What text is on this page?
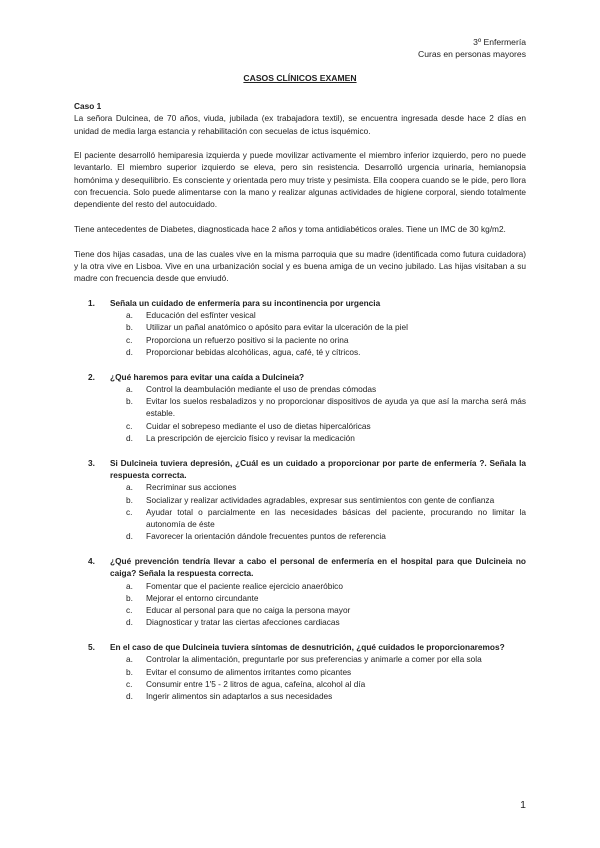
3º Enfermería
Curas en personas mayores
CASOS CLÍNICOS EXAMEN

Caso 1

La señora Dulcinea, de 70 años, viuda, jubilada (ex trabajadora textil), se encuentra ingresada desde hace 2 días en unidad de media larga estancia y rehabilitación con secuelas de ictus isquémico.

El paciente desarrolló hemiparesia izquierda y puede movilizar activamente el miembro inferior izquierdo, pero no puede levantarlo. El miembro superior izquierdo se eleva, pero sin resistencia. Desarrolló urgencia urinaria, hemianopsia homónima y desequilibrio. Es consciente y orientada pero muy triste y pesimista. Ella coopera cuando se le pide, pero llora con frecuencia. Solo puede alimentarse con la mano y realizar algunas actividades de higiene corporal, siendo totalmente dependiente del resto del autocuidado.

Tiene antecedentes de Diabetes, diagnosticada hace 2 años y toma antidiabéticos orales. Tiene un IMC de 30 kg/m2.

Tiene dos hijas casadas, una de las cuales vive en la misma parroquia que su madre (identificada como futura cuidadora) y la otra vive en Lisboa. Vive en una urbanización social y es buena amiga de un vecino jubilado. Las hijas visitaban a su madre con frecuencia desde que enviudó.

1.	Señala un cuidado de enfermería para su incontinencia por urgencia
a.	Educación del esfínter vesical
b.	Utilizar un pañal anatómico o apósito para evitar la ulceración de la piel
c.	Proporciona un refuerzo positivo si la paciente no orina
d.	Proporcionar bebidas alcohólicas, agua, café, té y cítricos.
2.	¿Qué haremos para evitar una caída a Dulcineia?
a.	Control la deambulación mediante el uso de prendas cómodas
b.	Evitar los suelos resbaladizos y no proporcionar dispositivos de ayuda ya que así la marcha será más estable.
c.	Cuidar el sobrepeso mediante el uso de dietas hipercalóricas
d.	La prescripción de ejercicio físico y revisar la medicación
3.	Si Dulcineia tuviera depresión, ¿Cuál es un cuidado a proporcionar por parte de enfermería ?. Señala la respuesta correcta.
a.	Recriminar sus acciones
b.	Socializar y realizar actividades agradables, expresar sus sentimientos con gente de confianza
c.	Ayudar total o parcialmente en las necesidades básicas del paciente, procurando no limitar la autonomía de éste
d.	Favorecer la orientación dándole frecuentes puntos de referencia
4.	¿Qué prevención tendría llevar a cabo el personal de enfermería en el hospital para que Dulcineia no caiga? Señala la respuesta correcta.
a.	Fomentar que el paciente realice ejercicio anaeróbico
b.	Mejorar el entorno circundante
c.	Educar al personal para que no caiga la persona mayor
d.	Diagnosticar y tratar las ciertas afecciones cardiacas
5.	En el caso de que Dulcineia tuviera síntomas de desnutrición, ¿qué cuidados le proporcionaremos?
a.	Controlar la alimentación, preguntarle por sus preferencias y animarle a comer por ella sola
b.	Evitar el consumo de alimentos irritantes como picantes
c.	Consumir entre 1'5 - 2 litros de agua, cafeína, alcohol al día
d.	Ingerir alimentos sin adaptarlos a sus necesidades
1
